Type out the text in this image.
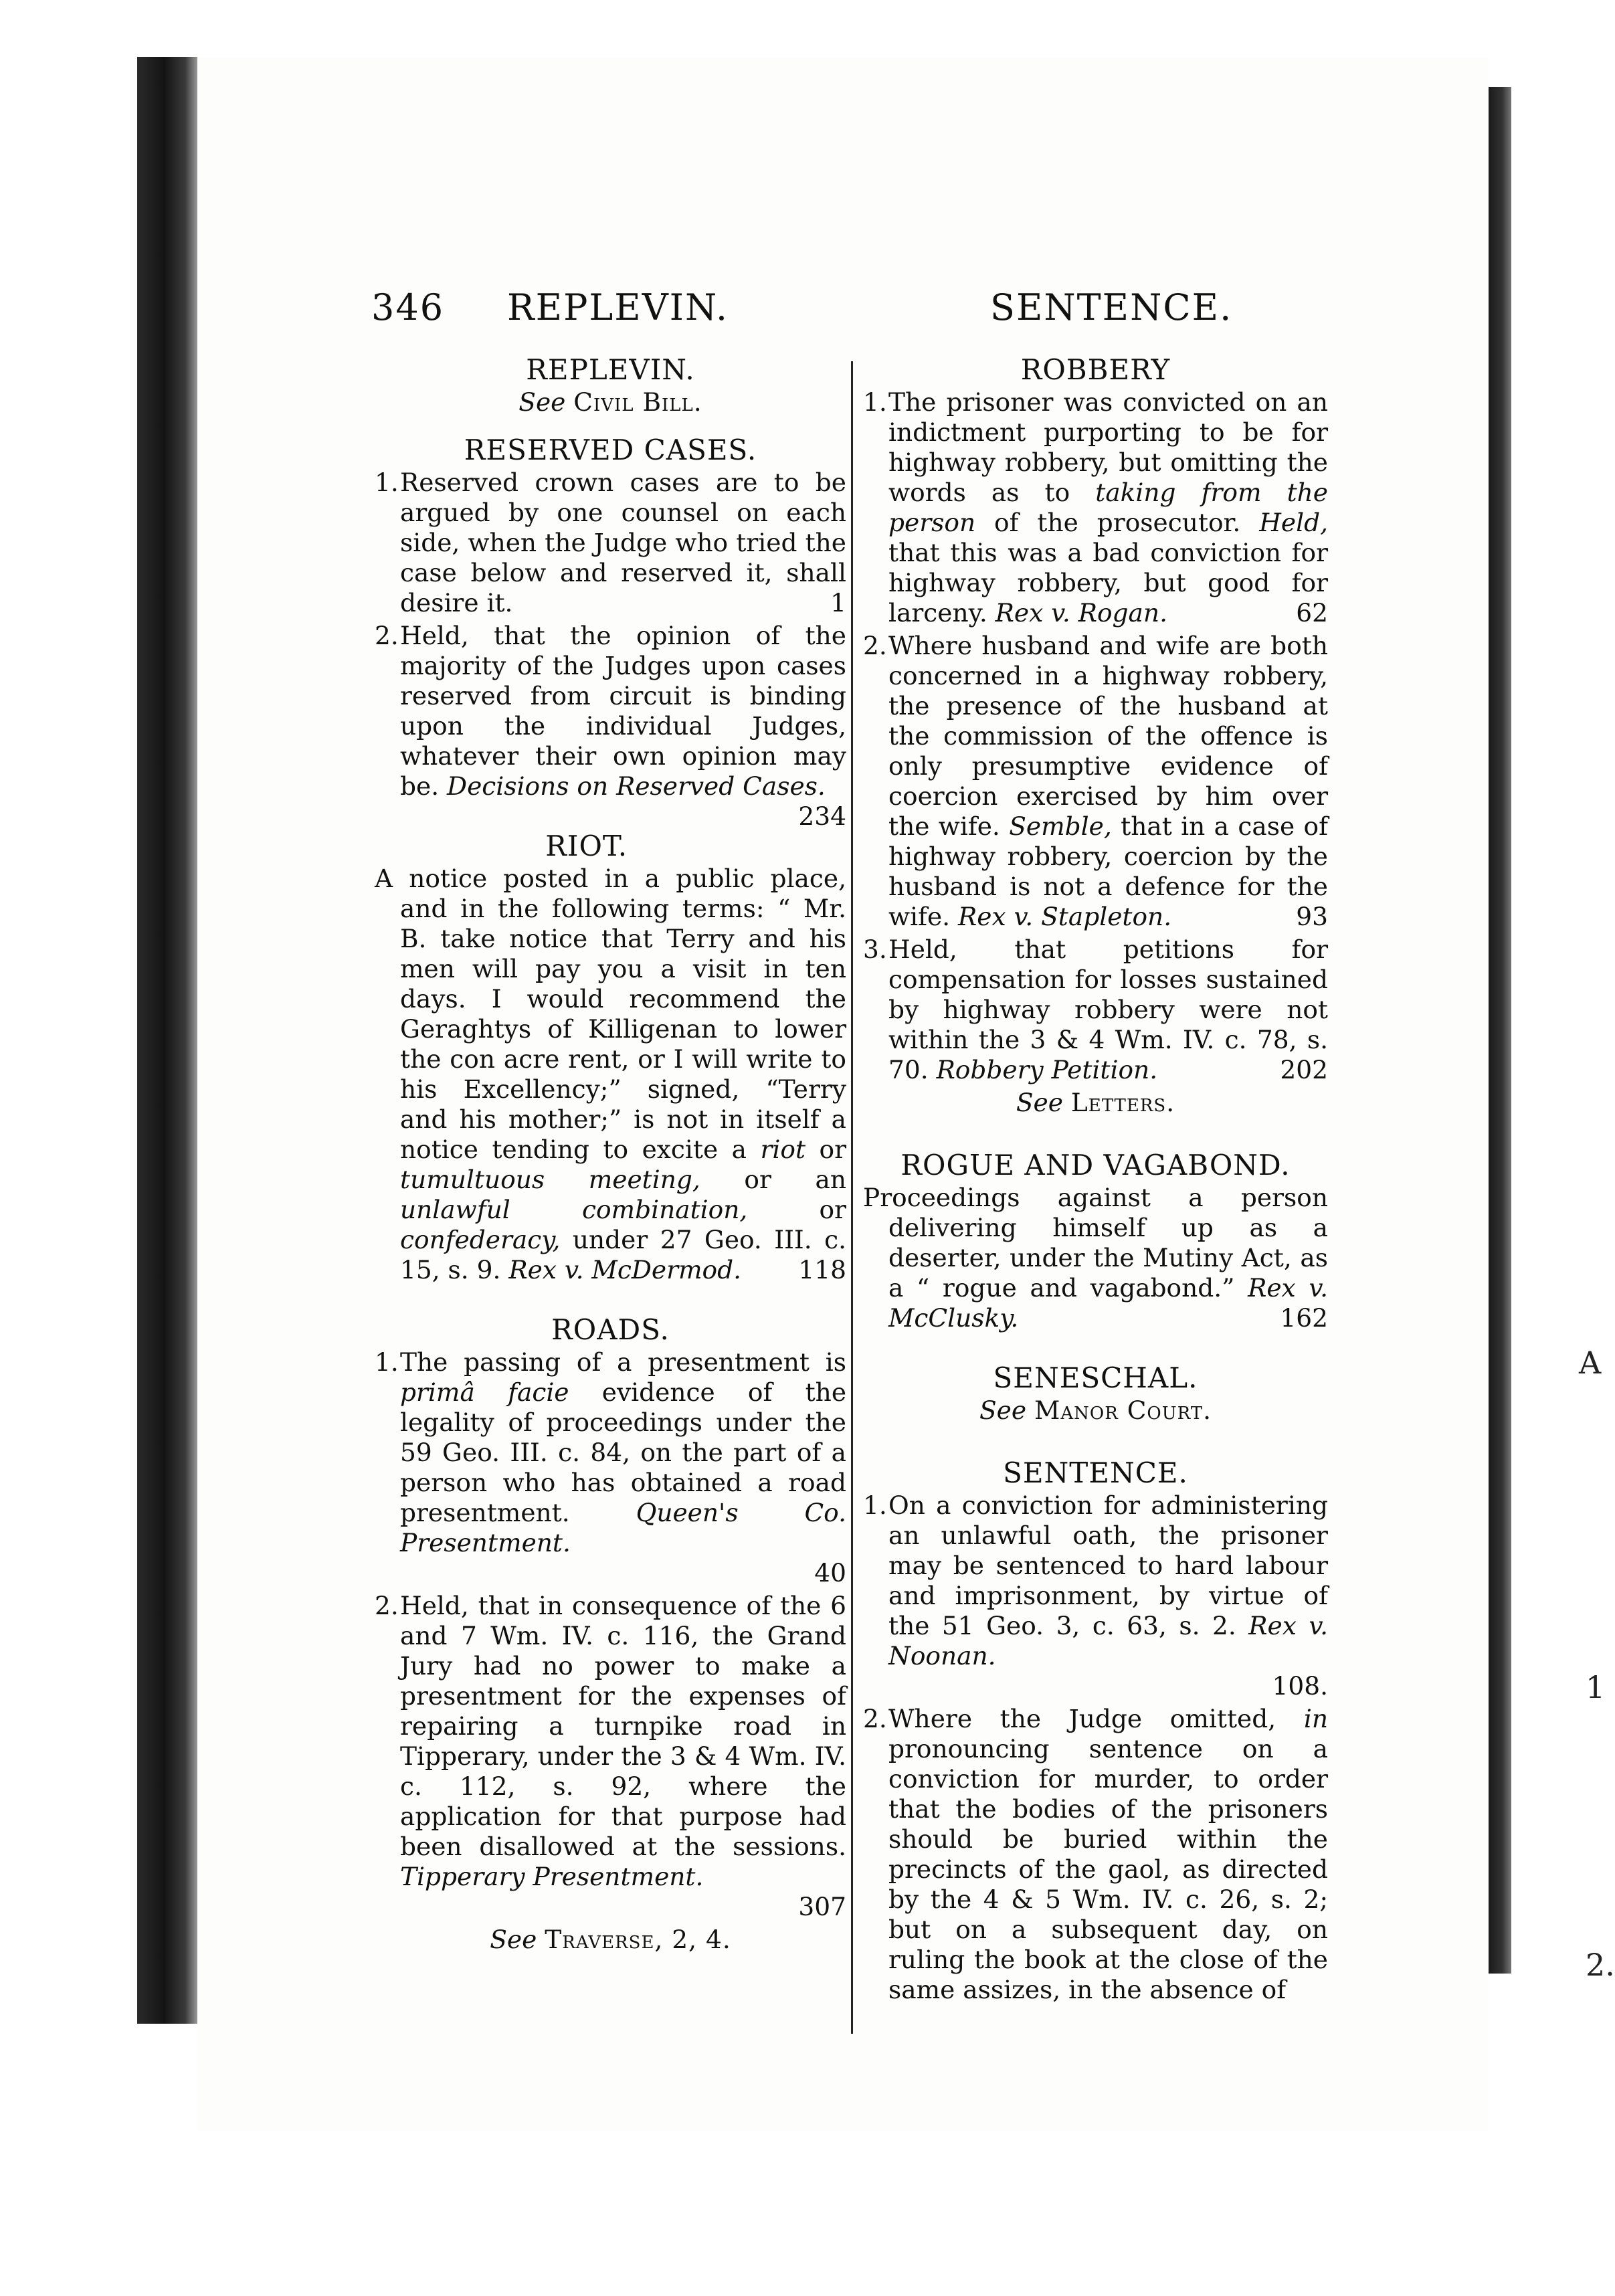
A
1
2.
346 REPLEVIN.	SENTENCE.
REPLEVIN.
See Civil Bill.
RESERVED CASES.
1. Reserved crown cases are to be argued by one counsel on each side, when the Judge who tried the case below and reserved it, shall desire it.	1
2. Held, that the opinion of the majority of the Judges upon cases reserved from circuit is binding upon the individual Judges, whatever their own opinion may be. Decisions on Reserved Cases.
234
RIOT.
A notice posted in a public place, and in the following terms: “ Mr. B. take notice that Terry and his men will pay you a visit in ten days. I would recommend the Geraghtys of Killigenan to lower the con acre rent, or I will write to his Excellency;” signed, “Terry and his mother;” is not in itself a notice tending to excite a riot or tumultuous meeting, or an unlawful combination,	or confederacy, under 27 Geo. III. c. 15, s. 9. Rex v. McDermod. 118
ROADS.
1. The passing of a presentment is primâ facie evidence of the legality of proceedings under the 59 Geo. III. c. 84, on the part of a person who has obtained a road presentment.	Queen's Co. Presentment.
40
2. Held, that in consequence of the 6 and 7 Wm. IV. c. 116, the Grand Jury had no power to make a presentment for the expenses of repairing a turnpike road in Tipperary, under the 3 & 4 Wm. IV. c. 112, s. 92, where the application for that purpose had been disallowed at the sessions. Tipperary Presentment.
307
See Traverse, 2, 4.
ROBBERY
1. The prisoner was convicted on an indictment purporting to be for highway robbery, but omitting the words as to taking from the person of the prosecutor. Held, that this was a bad conviction for highway robbery, but good for larceny. Rex v. Rogan.	62
2. Where husband and wife are both concerned in a highway robbery, the presence of the husband at the commission of the offence is only presumptive evidence of coercion exercised by him over the wife. Semble, that in a case of highway robbery, coercion by the husband is not a defence for the wife. Rex v. Stapleton.	93
3. Held, that petitions for compensation for losses sustained by highway robbery were not within the 3 & 4 Wm. IV. c. 78, s. 70. Robbery Petition.	202
See Letters.
ROGUE AND VAGABOND.
Proceedings against a person delivering himself up as a deserter, under the Mutiny Act, as a “ rogue and vagabond.” Rex v. McClusky.	162
SENESCHAL.
See Manor Court.
SENTENCE.
1. On a conviction for administering an unlawful oath, the prisoner may be sentenced to hard labour and imprisonment, by virtue of the 51 Geo. 3, c. 63, s. 2. Rex v. Noonan.
108.
2. Where the Judge omitted, in pronouncing sentence on a conviction for murder, to order that the bodies of the prisoners should be buried within the precincts of the gaol, as directed by the 4 & 5 Wm. IV. c. 26, s. 2; but on a subsequent day, on ruling the book at the close of the same assizes, in the absence of
